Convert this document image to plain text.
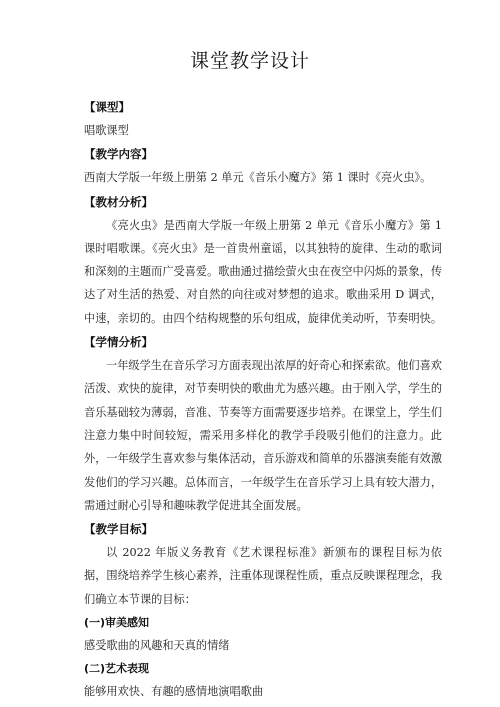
课堂教学设计
【课型】

唱歌课型

【教学内容】

西南大学版一年级上册第 2 单元《音乐小魔方》第 1 课时《亮火虫》。

【教材分析】

《亮火虫》是西南大学版一年级上册第 2 单元《音乐小魔方》第 1 课时唱歌课。《亮火虫》是一首贵州童谣，以其独特的旋律、生动的歌词和深刻的主题而广受喜爱。歌曲通过描绘萤火虫在夜空中闪烁的景象，传达了对生活的热爱、对自然的向往或对梦想的追求。歌曲采用 D 调式，中速，亲切的。由四个结构规整的乐句组成，旋律优美动听，节奏明快。

【学情分析】

一年级学生在音乐学习方面表现出浓厚的好奇心和探索欲。他们喜欢活泼、欢快的旋律，对节奏明快的歌曲尤为感兴趣。由于刚入学，学生的音乐基础较为薄弱，音准、节奏等方面需要逐步培养。在课堂上，学生们注意力集中时间较短，需采用多样化的教学手段吸引他们的注意力。此外，一年级学生喜欢参与集体活动，音乐游戏和简单的乐器演奏能有效激发他们的学习兴趣。总体而言，一年级学生在音乐学习上具有较大潜力，需通过耐心引导和趣味教学促进其全面发展。

【教学目标】

以 2022 年版义务教育《艺术课程标准》新颁布的课程目标为依据，围绕培养学生核心素养，注重体现课程性质，重点反映课程理念，我们确立本节课的目标：

(一)审美感知

感受歌曲的风趣和天真的情绪

(二)艺术表现

能够用欢快、有趣的感情地演唱歌曲
